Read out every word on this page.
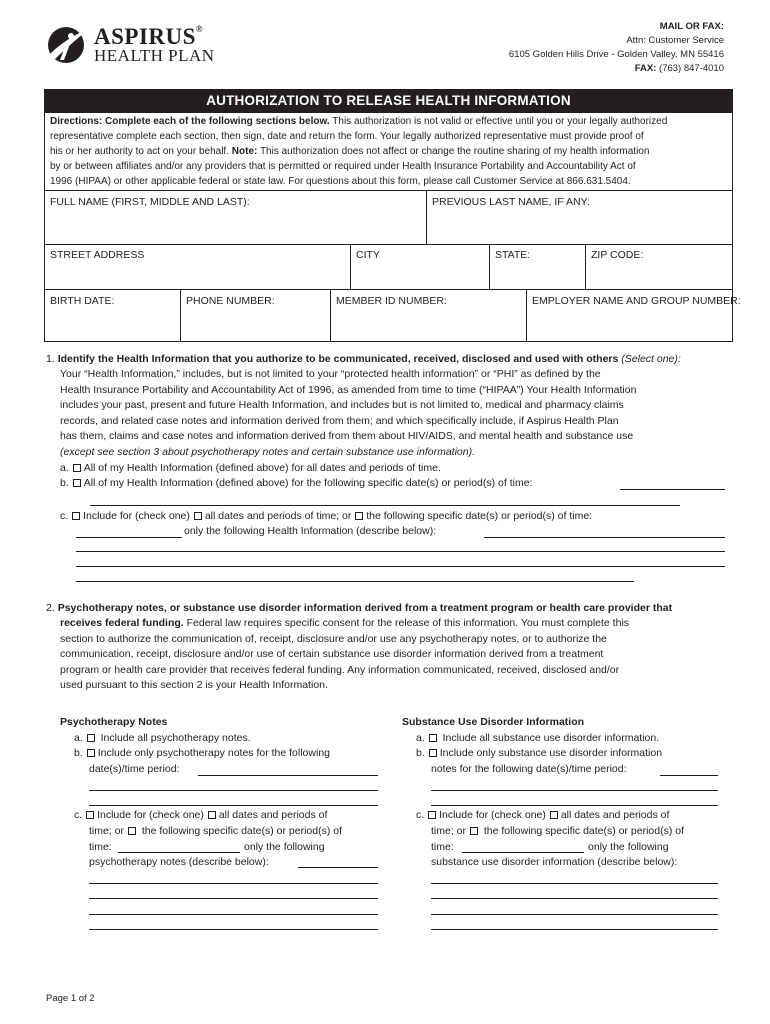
ASPIRUS®
HEALTH PLAN
MAIL OR FAX:
Attn: Customer Service
6105 Golden Hills Drive - Golden Valley, MN 55416
FAX: (763) 847-4010
AUTHORIZATION TO RELEASE HEALTH INFORMATION
Directions: Complete each of the following sections below. This authorization is not valid or effective until you or your legally authorized
representative complete each section, then sign, date and return the form. Your legally authorized representative must provide proof of
his or her authority to act on your behalf. Note: This authorization does not affect or change the routine sharing of my health information
by or between affiliates and/or any providers that is permitted or required under Health Insurance Portability and Accountability Act of
1996 (HIPAA) or other applicable federal or state law. For questions about this form, please call Customer Service at 866.631.5404.
FULL NAME (FIRST, MIDDLE AND LAST):	PREVIOUS LAST NAME, IF ANY:
STREET ADDRESS	CITY	STATE:	ZIP CODE:
BIRTH DATE:	PHONE NUMBER:	MEMBER ID NUMBER:	EMPLOYER NAME AND GROUP NUMBER:
1. Identify the Health Information that you authorize to be communicated, received, disclosed and used with others (Select one):
Your “Health Information,” includes, but is not limited to your “protected health information” or “PHI” as defined by the
Health Insurance Portability and Accountability Act of 1996, as amended from time to time (“HIPAA”) Your Health Information
includes your past, present and future Health Information, and includes but is not limited to, medical and pharmacy claims
records, and related case notes and information derived from them; and which specifically include, if Aspirus Health Plan
has them, claims and case notes and information derived from them about HIV/AIDS, and mental health and substance use
(except see section 3 about psychotherapy notes and certain substance use information).
a. All of my Health Information (defined above) for all dates and periods of time.
b. All of my Health Information (defined above) for the following specific date(s) or period(s) of time:
c. Include for (check one) all dates and periods of time; or the following specific date(s) or period(s) of time:
only the following Health Information (describe below):
2. Psychotherapy notes, or substance use disorder information derived from a treatment program or health care provider that
receives federal funding. Federal law requires specific consent for the release of this information. You must complete this
section to authorize the communication of, receipt, disclosure and/or use any psychotherapy notes, or to authorize the
communication, receipt, disclosure and/or use of certain substance use disorder information derived from a treatment
program or health care provider that receives federal funding. Any information communicated, received, disclosed and/or
used pursuant to this section 2 is your Health Information.
Psychotherapy Notes
a. Include all psychotherapy notes.
b. Include only psychotherapy notes for the following
date(s)/time period:
c. Include for (check one) all dates and periods of
time; or the following specific date(s) or period(s) of
time:	only the following
psychotherapy notes (describe below):
Substance Use Disorder Information
a. Include all substance use disorder information.
b. Include only substance use disorder information
notes for the following date(s)/time period:
c. Include for (check one) all dates and periods of
time; or the following specific date(s) or period(s) of
time:	only the following
substance use disorder information (describe below):
Page 1 of 2
